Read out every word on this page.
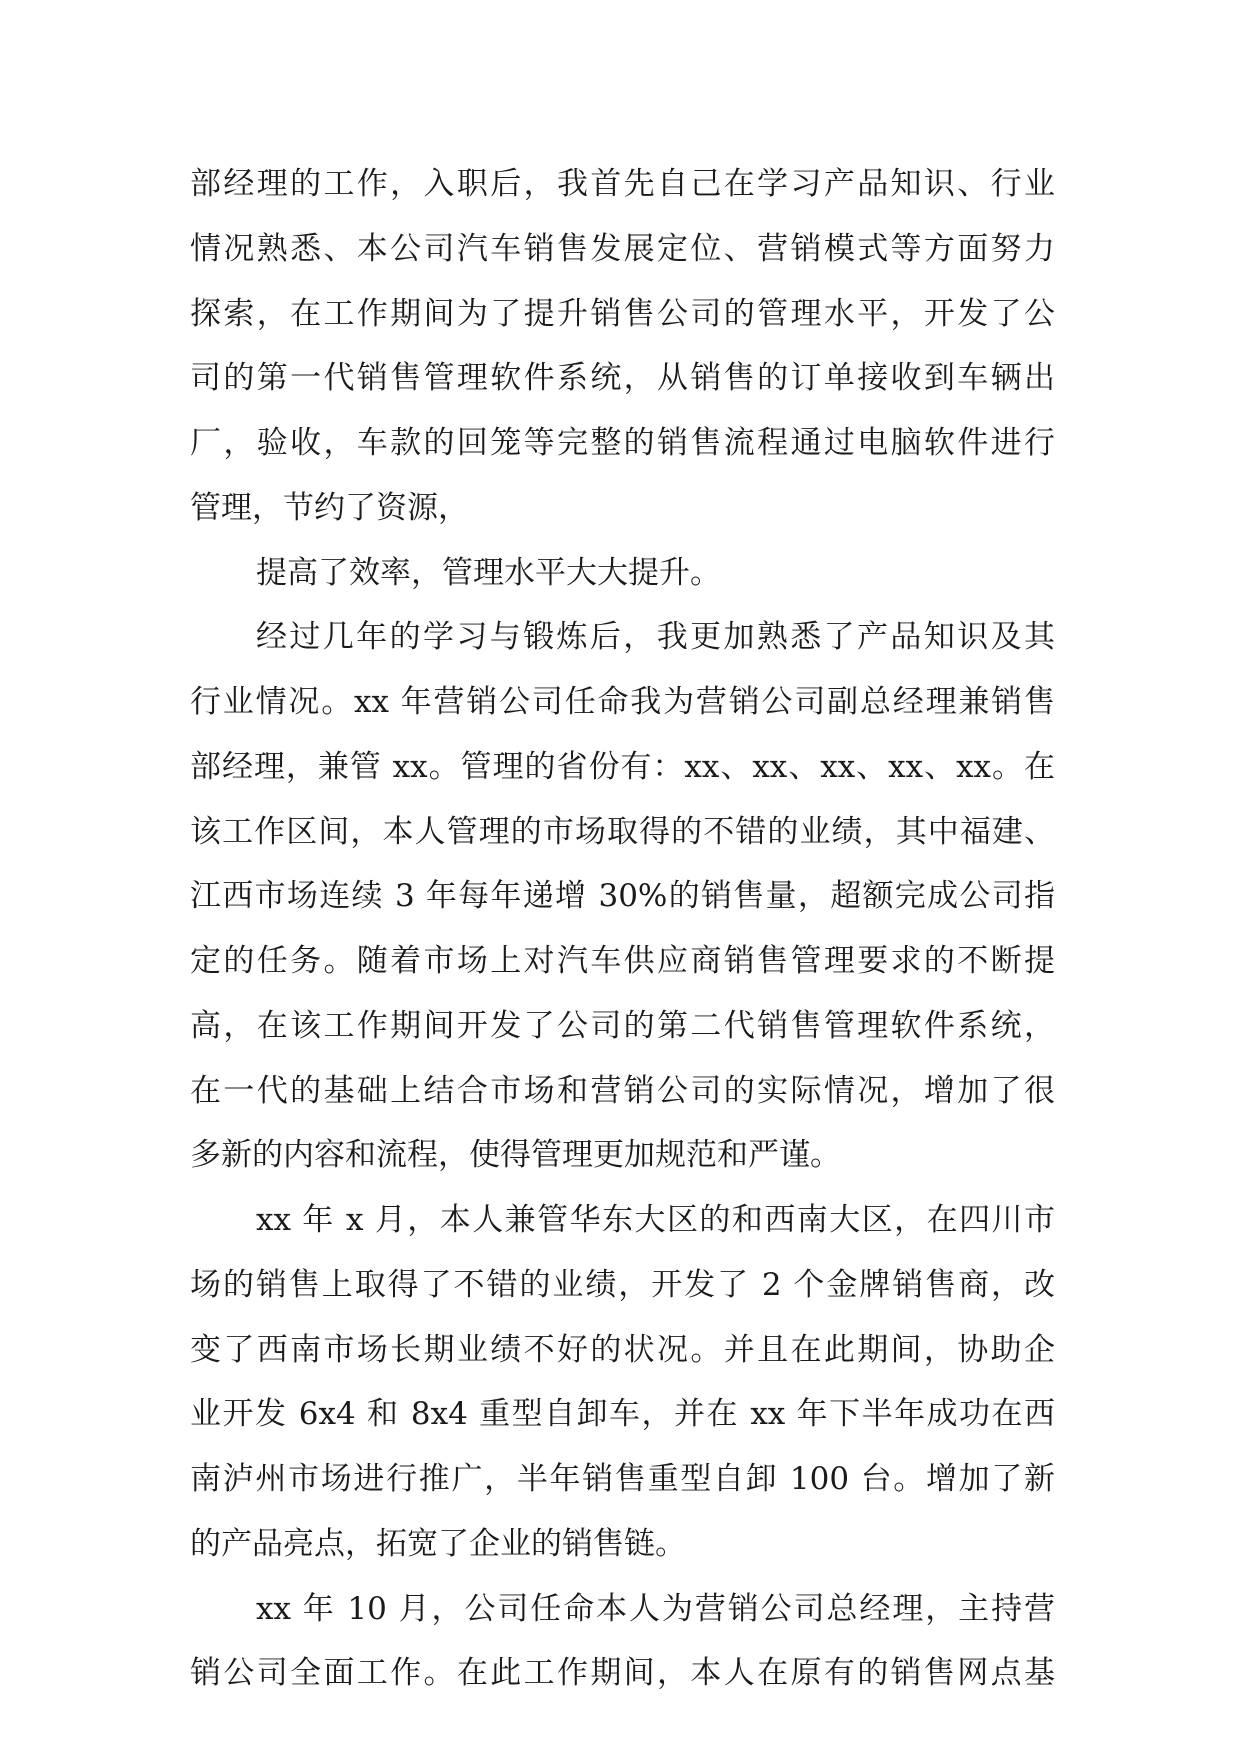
部经理的工作，入职后，我首先自己在学习产品知识、行业
情况熟悉、本公司汽车销售发展定位、营销模式等方面努力
探索，在工作期间为了提升销售公司的管理水平，开发了公
司的第一代销售管理软件系统，从销售的订单接收到车辆出
厂，验收，车款的回笼等完整的销售流程通过电脑软件进行
管理，节约了资源，
提高了效率，管理水平大大提升。
经过几年的学习与锻炼后，我更加熟悉了产品知识及其
行业情况。xx 年营销公司任命我为营销公司副总经理兼销售
部经理，兼管 xx。管理的省份有：xx、xx、xx、xx、xx。在
该工作区间，本人管理的市场取得的不错的业绩，其中福建、
江西市场连续 3 年每年递增 30%的销售量，超额完成公司指
定的任务。随着市场上对汽车供应商销售管理要求的不断提
高，在该工作期间开发了公司的第二代销售管理软件系统，
在一代的基础上结合市场和营销公司的实际情况，增加了很
多新的内容和流程，使得管理更加规范和严谨。
xx 年 x 月，本人兼管华东大区的和西南大区，在四川市
场的销售上取得了不错的业绩，开发了 2 个金牌销售商，改
变了西南市场长期业绩不好的状况。并且在此期间，协助企
业开发 6x4 和 8x4 重型自卸车，并在 xx 年下半年成功在西
南泸州市场进行推广，半年销售重型自卸 100 台。增加了新
的产品亮点，拓宽了企业的销售链。
xx 年 10 月，公司任命本人为营销公司总经理，主持营
销公司全面工作。在此工作期间，本人在原有的销售网点基
